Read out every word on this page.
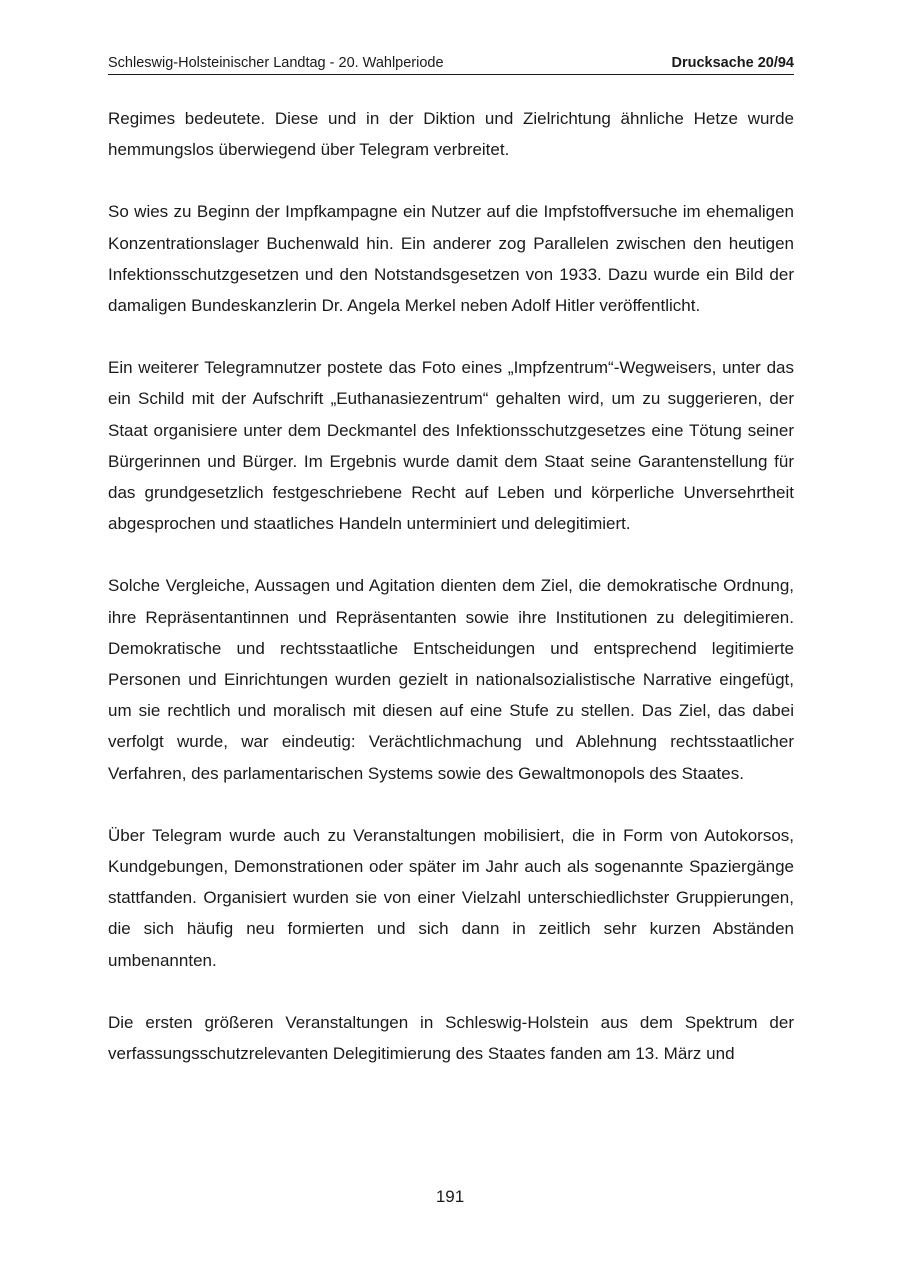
Schleswig-Holsteinischer Landtag - 20. Wahlperiode	Drucksache 20/94

Regimes bedeutete. Diese und in der Diktion und Zielrichtung ähnliche Hetze wurde hemmungslos überwiegend über Telegram verbreitet.

So wies zu Beginn der Impfkampagne ein Nutzer auf die Impfstoffversuche im ehemaligen Konzentrationslager Buchenwald hin. Ein anderer zog Parallelen zwischen den heutigen Infektionsschutzgesetzen und den Notstandsgesetzen von 1933. Dazu wurde ein Bild der damaligen Bundeskanzlerin Dr. Angela Merkel neben Adolf Hitler veröffentlicht.

Ein weiterer Telegramnutzer postete das Foto eines „Impfzentrum“-Wegweisers, unter das ein Schild mit der Aufschrift „Euthanasiezentrum“ gehalten wird, um zu suggerieren, der Staat organisiere unter dem Deckmantel des Infektionsschutzgesetzes eine Tötung seiner Bürgerinnen und Bürger. Im Ergebnis wurde damit dem Staat seine Garantenstellung für das grundgesetzlich festgeschriebene Recht auf Leben und körperliche Unversehrtheit abgesprochen und staatliches Handeln unterminiert und delegitimiert.

Solche Vergleiche, Aussagen und Agitation dienten dem Ziel, die demokratische Ordnung, ihre Repräsentantinnen und Repräsentanten sowie ihre Institutionen zu delegitimieren. Demokratische und rechtsstaatliche Entscheidungen und entsprechend legitimierte Personen und Einrichtungen wurden gezielt in nationalsozialistische Narrative eingefügt, um sie rechtlich und moralisch mit diesen auf eine Stufe zu stellen. Das Ziel, das dabei verfolgt wurde, war eindeutig: Verächtlichmachung und Ablehnung rechtsstaatlicher Verfahren, des parlamentarischen Systems sowie des Gewaltmonopols des Staates.

Über Telegram wurde auch zu Veranstaltungen mobilisiert, die in Form von Autokorsos, Kundgebungen, Demonstrationen oder später im Jahr auch als sogenannte Spaziergänge stattfanden. Organisiert wurden sie von einer Vielzahl unterschiedlichster Gruppierungen, die sich häufig neu formierten und sich dann in zeitlich sehr kurzen Abständen umbenannten.

Die ersten größeren Veranstaltungen in Schleswig-Holstein aus dem Spektrum der verfassungsschutzrelevanten Delegitimierung des Staates fanden am 13. März und

191
